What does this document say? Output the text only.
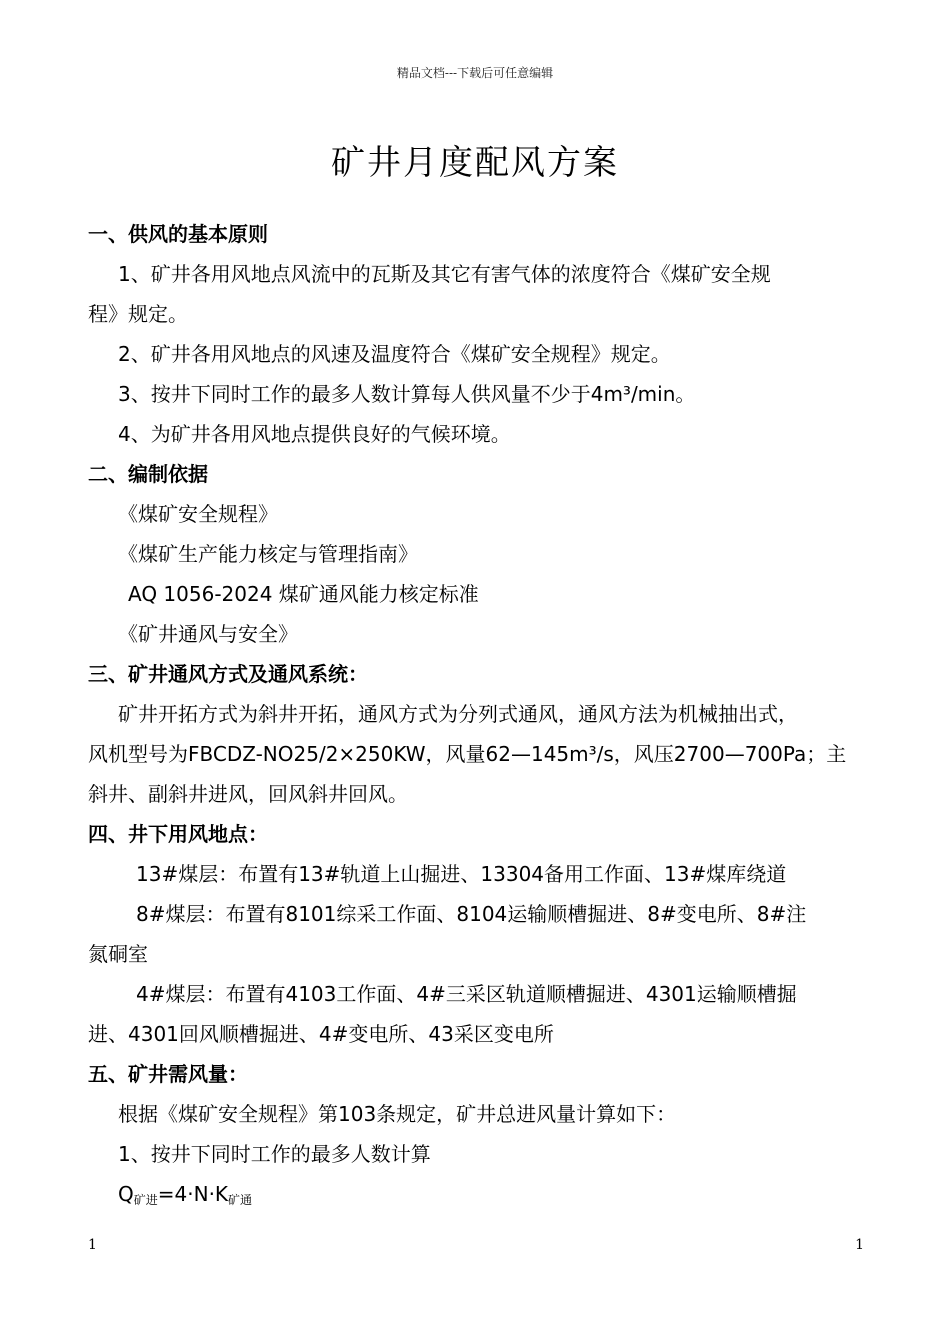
精品文档---下载后可任意编辑
矿井月度配风方案
一、供风的基本原则
1、矿井各用风地点风流中的瓦斯及其它有害气体的浓度符合《煤矿安全规
程》规定。
2、矿井各用风地点的风速及温度符合《煤矿安全规程》规定。
3、按井下同时工作的最多人数计算每人供风量不少于4m³/min。
4、为矿井各用风地点提供良好的气候环境。
二、编制依据
《煤矿安全规程》
《煤矿生产能力核定与管理指南》
AQ 1056-2024 煤矿通风能力核定标准
《矿井通风与安全》
三、矿井通风方式及通风系统：
矿井开拓方式为斜井开拓，通风方式为分列式通风，通风方法为机械抽出式，
风机型号为FBCDZ-NO25/2×250KW，风量62—145m³/s，风压2700—700Pa；主
斜井、副斜井进风，回风斜井回风。
四、井下用风地点：
13#煤层：布置有13#轨道上山掘进、13304备用工作面、13#煤库绕道
8#煤层：布置有8101综采工作面、8104运输顺槽掘进、8#变电所、8#注
氮硐室
4#煤层：布置有4103工作面、4#三采区轨道顺槽掘进、4301运输顺槽掘
进、4301回风顺槽掘进、4#变电所、43采区变电所
五、矿井需风量：
根据《煤矿安全规程》第103条规定，矿井总进风量计算如下：
1、按井下同时工作的最多人数计算
$Q_{矿进}=4\cdot N\cdot K_{矿通}$
1	1
